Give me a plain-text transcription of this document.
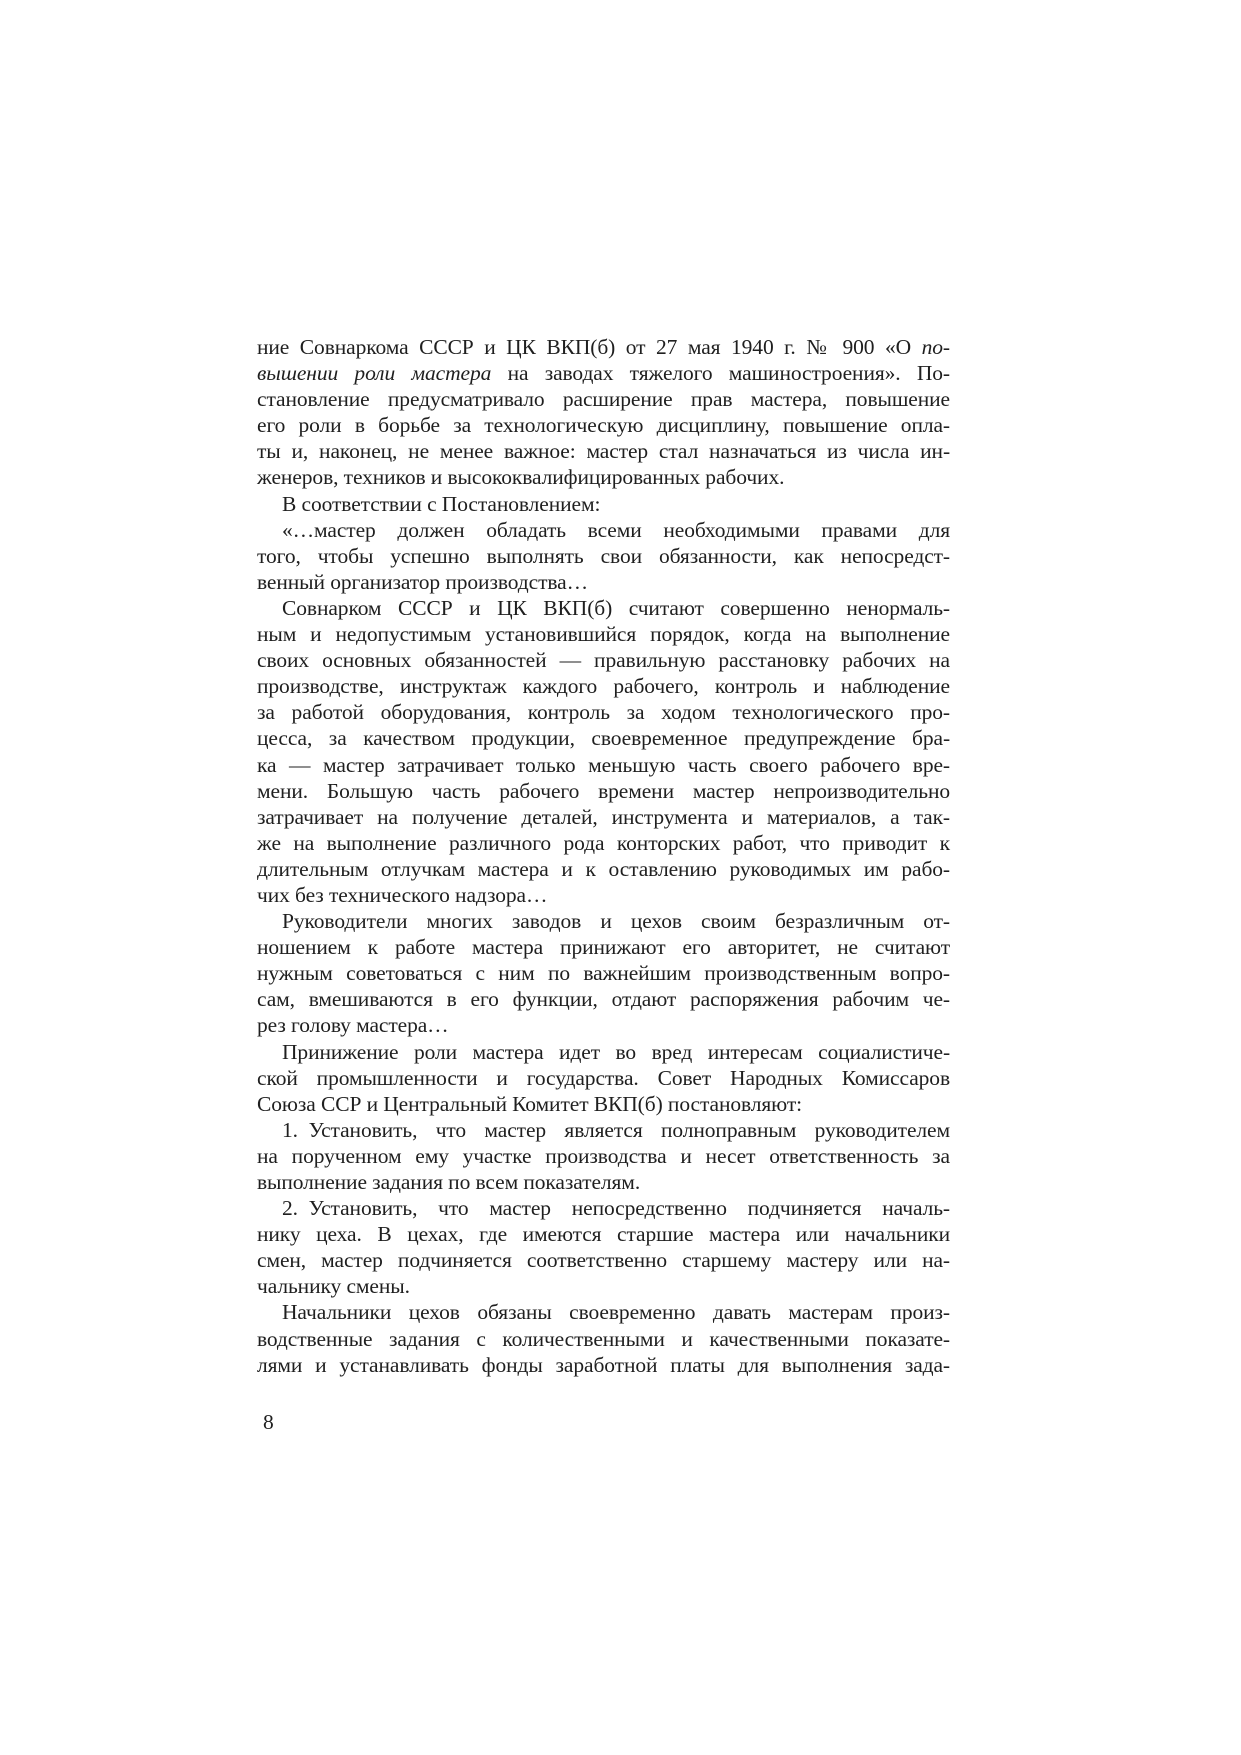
ние Совнаркома СССР и ЦК ВКП(б) от 27 мая 1940 г. № 900 «О по-
вышении роли мастера на заводах тяжелого машиностроения». По-
становление предусматривало расширение прав мастера, повышение
его роли в борьбе за технологическую дисциплину, повышение опла-
ты и, наконец, не менее важное: мастер стал назначаться из числа ин-
женеров, техников и высококвалифицированных рабочих.
В соответствии с Постановлением:
«…мастер должен обладать всеми необходимыми правами для
того, чтобы успешно выполнять свои обязанности, как непосредст-
венный организатор производства…
Совнарком СССР и ЦК ВКП(б) считают совершенно ненормаль-
ным и недопустимым установившийся порядок, когда на выполнение
своих основных обязанностей — правильную расстановку рабочих на
производстве, инструктаж каждого рабочего, контроль и наблюдение
за работой оборудования, контроль за ходом технологического про-
цесса, за качеством продукции, своевременное предупреждение бра-
ка — мастер затрачивает только меньшую часть своего рабочего вре-
мени. Большую часть рабочего времени мастер непроизводительно
затрачивает на получение деталей, инструмента и материалов, а так-
же на выполнение различного рода конторских работ, что приводит к
длительным отлучкам мастера и к оставлению руководимых им рабо-
чих без технического надзора…
Руководители многих заводов и цехов своим безразличным от-
ношением к работе мастера принижают его авторитет, не считают
нужным советоваться с ним по важнейшим производственным вопро-
сам, вмешиваются в его функции, отдают распоряжения рабочим че-
рез голову мастера…
Принижение роли мастера идет во вред интересам социалистиче-
ской промышленности и государства. Совет Народных Комиссаров
Союза ССР и Центральный Комитет ВКП(б) постановляют:
1. Установить, что мастер является полноправным руководителем
на порученном ему участке производства и несет ответственность за
выполнение задания по всем показателям.
2. Установить, что мастер непосредственно подчиняется началь-
нику цеха. В цехах, где имеются старшие мастера или начальники
смен, мастер подчиняется соответственно старшему мастеру или на-
чальнику смены.
Начальники цехов обязаны своевременно давать мастерам произ-
водственные задания с количественными и качественными показате-
лями и устанавливать фонды заработной платы для выполнения зада-
8
